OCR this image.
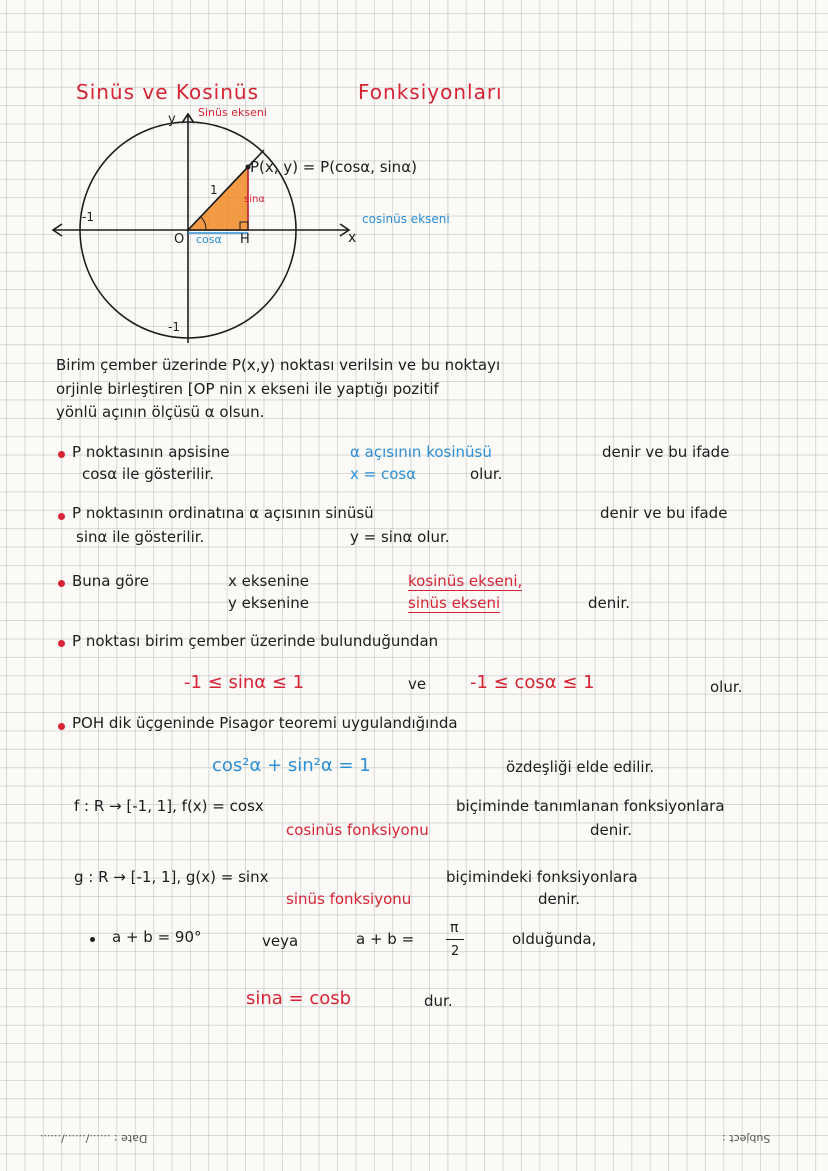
Sinüs ve Kosinüs	Fonksiyonları
y Sinüs ekseni
P(x, y) = P(cosα, sinα)
1
sinα
cosinüs ekseni
x
-1
O cosα H
-1
Birim çember üzerinde P(x,y) noktası verilsin ve bu noktayı
orjinle birleştiren [OP nin x ekseni ile yaptığı pozitif
yönlü açının ölçüsü α olsun.
P noktasının apsisine	α açısının kosinüsü	denir ve bu ifade
cosα ile gösterilir.	x = cosα	olur.
P noktasının ordinatına α açısının sinüsü	denir ve bu ifade
sinα ile gösterilir.	y = sinα olur.
Buna göre	x eksenine	kosinüs ekseni,
y eksenine	sinüs ekseni	denir.
P noktası birim çember üzerinde bulunduğundan
-1 ≤ sinα ≤ 1	ve -1 ≤ cosα ≤ 1	olur.
POH dik üçgeninde Pisagor teoremi uygulandığında
cos²α + sin²α = 1	özdeşliği elde edilir.
f : R → [-1, 1], f(x) = cosx	biçiminde tanımlanan fonksiyonlara
cosinüs fonksiyonu	denir.
g : R → [-1, 1], g(x) = sinx	biçimindeki fonksiyonlara
sinüs fonksiyonu	denir.
a + b = 90°	veya	a + b =
π
2
olduğunda,
sina = cosb	dur.
Date : ....../....../......	Subject :
